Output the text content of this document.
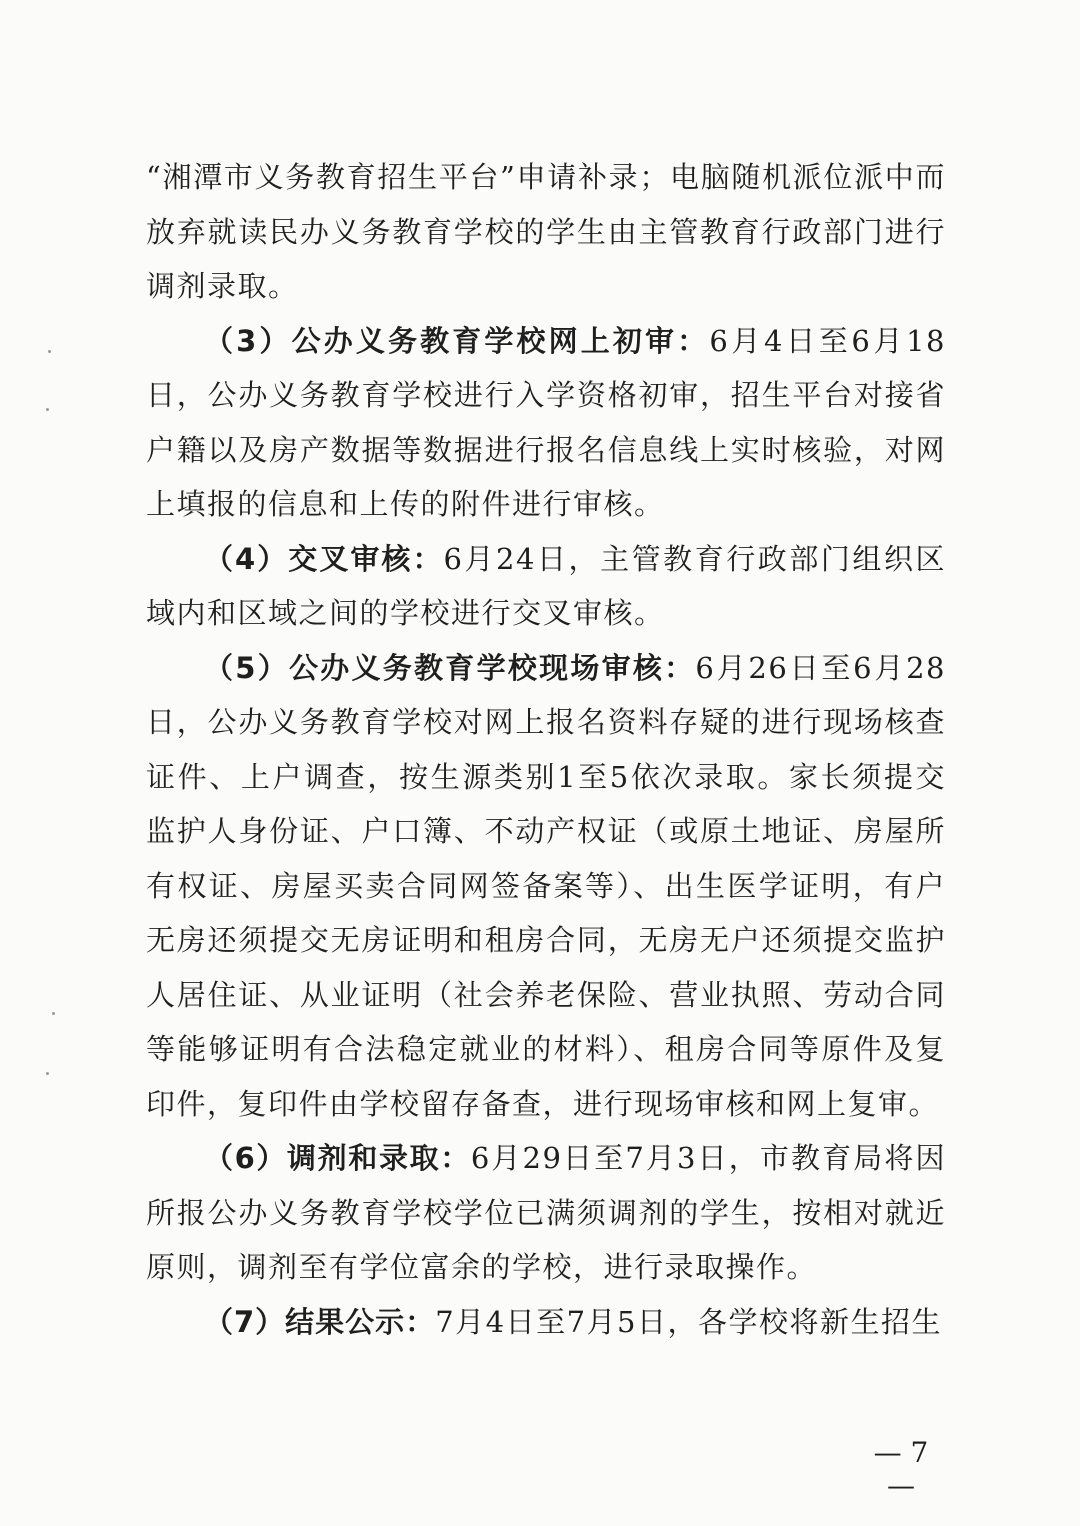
“湘潭市义务教育招生平台”申请补录；电脑随机派位派中而放弃就读民办义务教育学校的学生由主管教育行政部门进行调剂录取。

（3）公办义务教育学校网上初审：6月4日至6月18日，公办义务教育学校进行入学资格初审，招生平台对接省户籍以及房产数据等数据进行报名信息线上实时核验，对网上填报的信息和上传的附件进行审核。

（4）交叉审核：6月24日，主管教育行政部门组织区域内和区域之间的学校进行交叉审核。

（5）公办义务教育学校现场审核：6月26日至6月28日，公办义务教育学校对网上报名资料存疑的进行现场核查证件、上户调查，按生源类别1至5依次录取。家长须提交监护人身份证、户口簿、不动产权证（或原土地证、房屋所有权证、房屋买卖合同网签备案等）、出生医学证明，有户无房还须提交无房证明和租房合同，无房无户还须提交监护人居住证、从业证明（社会养老保险、营业执照、劳动合同等能够证明有合法稳定就业的材料）、租房合同等原件及复印件，复印件由学校留存备查，进行现场审核和网上复审。

（6）调剂和录取：6月29日至7月3日，市教育局将因所报公办义务教育学校学位已满须调剂的学生，按相对就近原则，调剂至有学位富余的学校，进行录取操作。

（7）结果公示：7月4日至7月5日，各学校将新生招生

— 7 —
